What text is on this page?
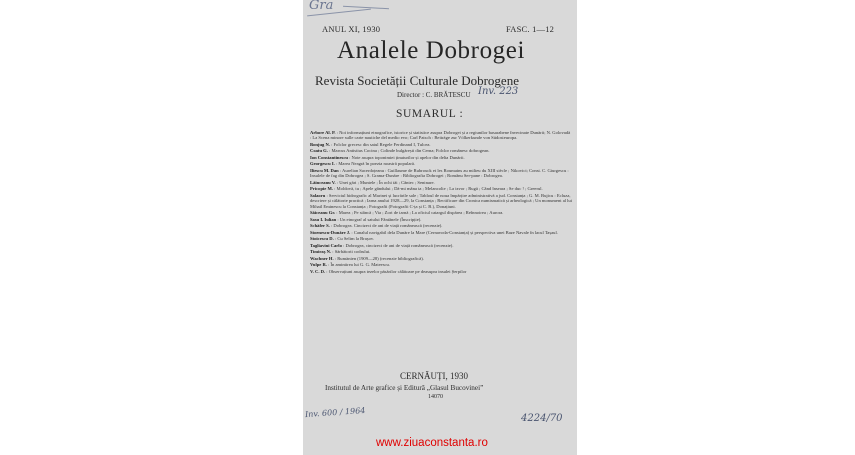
Gra
ANUL XI, 1930	FASC. 1—12
Analele Dobrogei
Revista Societății Culturale Dobrogene
Director : C. BRĂTESCU Inv. 223
SUMARUL :
Arbore Al. P. : Noi informațiuni etnografice, istorice și statistice asupra Dobrogei și a regiunilor basarabene învecinate Dunării; N. Golovadă : La Scena minore sulle carte nautiche del medio evo; Carl Patsch : Beiträge zur Völkerkunde von Südosteuropa.
Bonjug N. : Folclor grecesc din satul Regele Ferdinand I, Tulcea.
Coatu G. : Marcus Antistius Cocina ; Colinde bulgărești din Cerna; Folclor românesc dobrogean.
Ion Constantinescu : Note asupra toponimiei ținuturilor și apelor din delta Dunării.
Georgescu I. : Marea Neagră în poezia noastră populară.
Iliescu M. Dan : Aurelian Sacerdoțeanu : Guillaume de Rubrouck et les Roumains au milieu du XIII siècle ; Nikovici; Const. C. Giurgescu : Insulele de fag din Dobrogea ; S. Grama-Dunăre : Bibliografia Dobrogei ; Românu Ser-pane : Dobrogea.
Lăinceanu V. : Unei gări ; Muntele ; În ochi tăi ; Cântec ; Seninare.
Pricopie M. : Moldovă, tu ; Apele gândului ; Dă-mi mâna ta ; Melancolie ; La izvor ; Rugă ; Când înseara ; Se duc ! ; Greerul.
Salaoru : Serviciul hidrografic al Marinei și lucrările sale ; Tabloul de noua împărțire administrativă a jud. Constanța ; G. M. Bujicu : Ecluza, descriere și călătorie practică ; Iarna anului 1928—29, la Constanța ; Rectificare din Cronica numismatică și arheologică ; Un monument al lui Mihail Eminescu la Constanța ; Fotografii (Fotografii C-ța și C. B.), Donațiuni.
Săiceanu Gr. : Marea ; Pe stâncă ; Via ; Zori de iarnă ; La oficiul catargul dispărea ; Reînnoirea ; Aurora.
Sasu I. Iulian : Un etnograf al satului Fântânele (Înscripție).
Schäfer S. : Dobrogea. Cincizeci de ani de viață românească (recenzie).
Stoenescu-Dunăre J. : Canalul navigabil dela Dunăre la Mare (Cernavoda-Constanța) și perspectiva unei Baze Navale în lacul Tașaul.
Stoicescu D. : Cu Selim la Brașov.
Tagliavini Carlo : Dobrogea, cincizeci de ani de viață românească (recenzie).
Timiraș N. : Sărbătorii codrului.
Wachner H. : Rumänien (1909—28) (recenzie bibliografică).
Vulpe R. : În amintirea lui G. G. Mateescu.
V. C. D. : Observațiuni asupra tezelor păsărilor călătoare pe deasupra insulei Șerpilor
CERNĂUȚI, 1930
Institutul de Arte grafice și Editură „Glasul Bucovinei”
14070
Inv. 600 / 1964	4224/70
www.ziuaconstanta.ro
